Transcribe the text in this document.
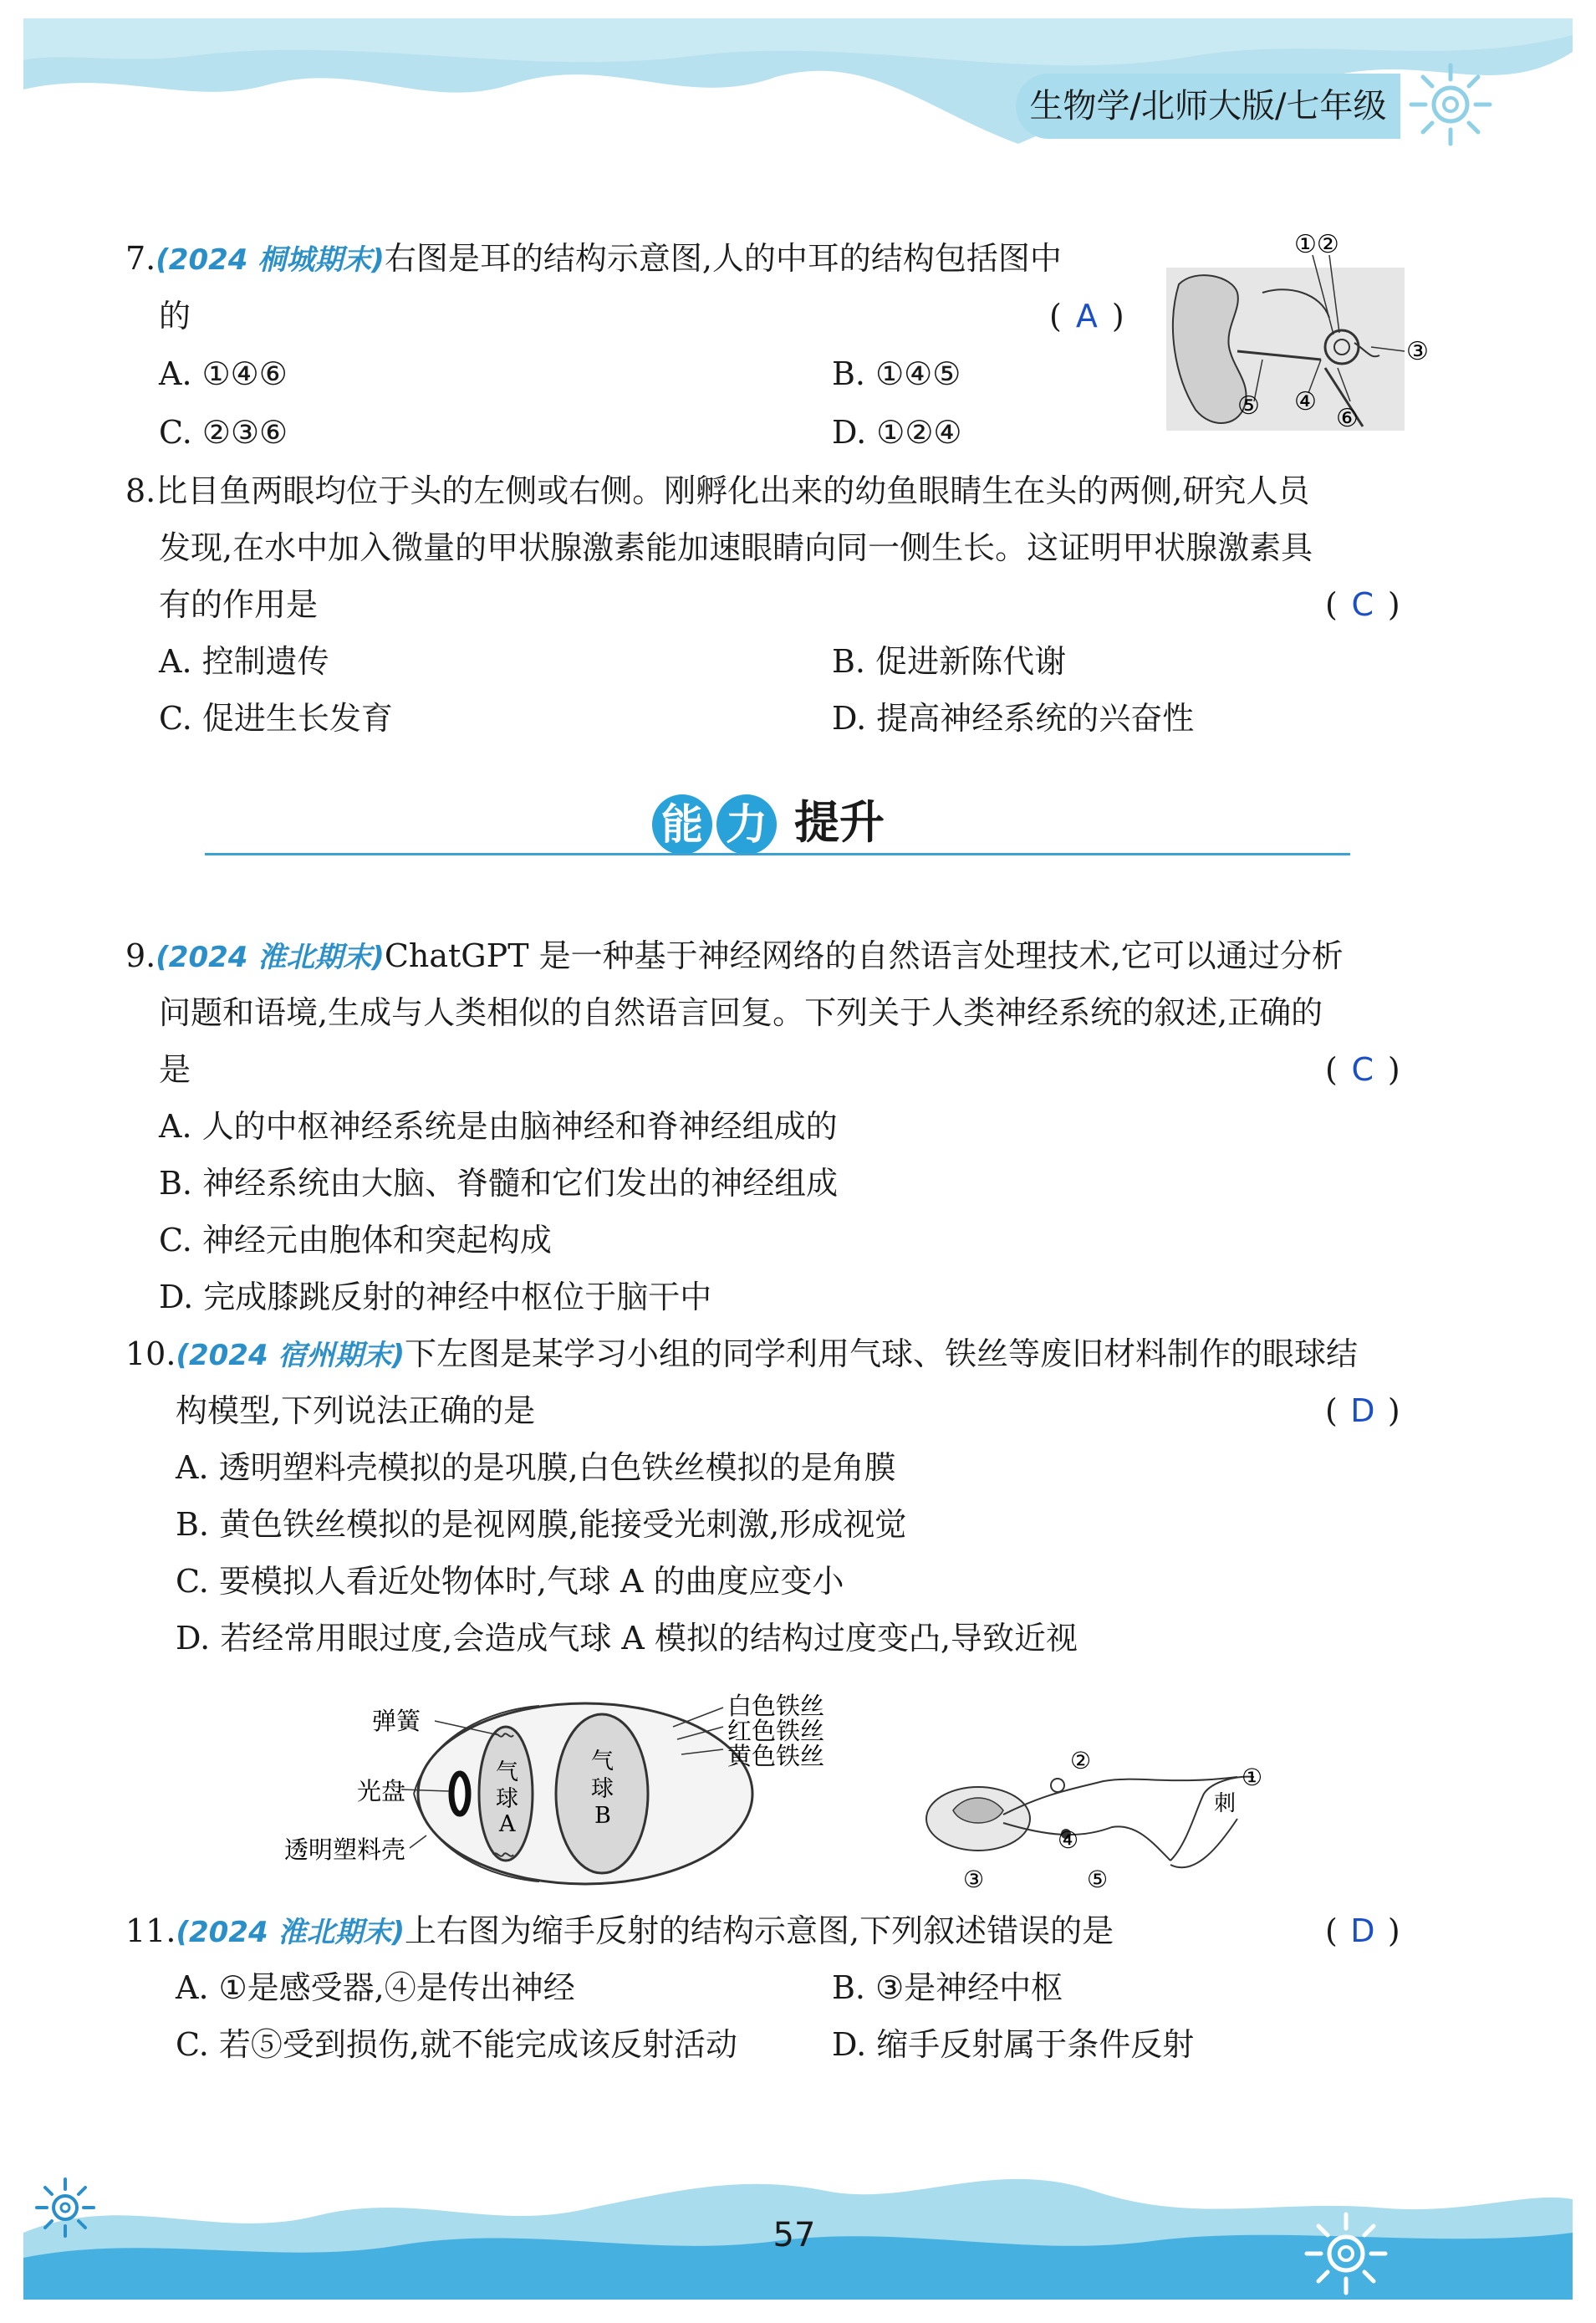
生物学/北师大版/七年级
7.(2024 桐城期末)右图是耳的结构示意图,人的中耳的结构包括图中
的	( A )
A. ①④⑥	B. ①④⑤
C. ②③⑥	D. ①②④
①②
③
⑤ ④
⑥
8.比目鱼两眼均位于头的左侧或右侧。刚孵化出来的幼鱼眼睛生在头的两侧,研究人员
发现,在水中加入微量的甲状腺激素能加速眼睛向同一侧生长。这证明甲状腺激素具
有的作用是	( C )
A. 控制遗传	B. 促进新陈代谢
C. 促进生长发育	D. 提高神经系统的兴奋性
能 力 提升
9.(2024 淮北期末)ChatGPT 是一种基于神经网络的自然语言处理技术,它可以通过分析
问题和语境,生成与人类相似的自然语言回复。下列关于人类神经系统的叙述,正确的
是	( C )
A. 人的中枢神经系统是由脑神经和脊神经组成的
B. 神经系统由大脑、脊髓和它们发出的神经组成
C. 神经元由胞体和突起构成
D. 完成膝跳反射的神经中枢位于脑干中
10.(2024 宿州期末)下左图是某学习小组的同学利用气球、铁丝等废旧材料制作的眼球结
构模型,下列说法正确的是	( D )
A. 透明塑料壳模拟的是巩膜,白色铁丝模拟的是角膜
B. 黄色铁丝模拟的是视网膜,能接受光刺激,形成视觉
C. 要模拟人看近处物体时,气球 A 的曲度应变小
D. 若经常用眼过度,会造成气球 A 模拟的结构过度变凸,导致近视
弹簧
光盘
透明塑料壳
白色铁丝
红色铁丝
黄色铁丝
气
球
A
气
球
B
②
①
刺
④
③	⑤
11.(2024 淮北期末)上右图为缩手反射的结构示意图,下列叙述错误的是	( D )
A. ①是感受器,④是传出神经	B. ③是神经中枢
C. 若⑤受到损伤,就不能完成该反射活动	D. 缩手反射属于条件反射
57
